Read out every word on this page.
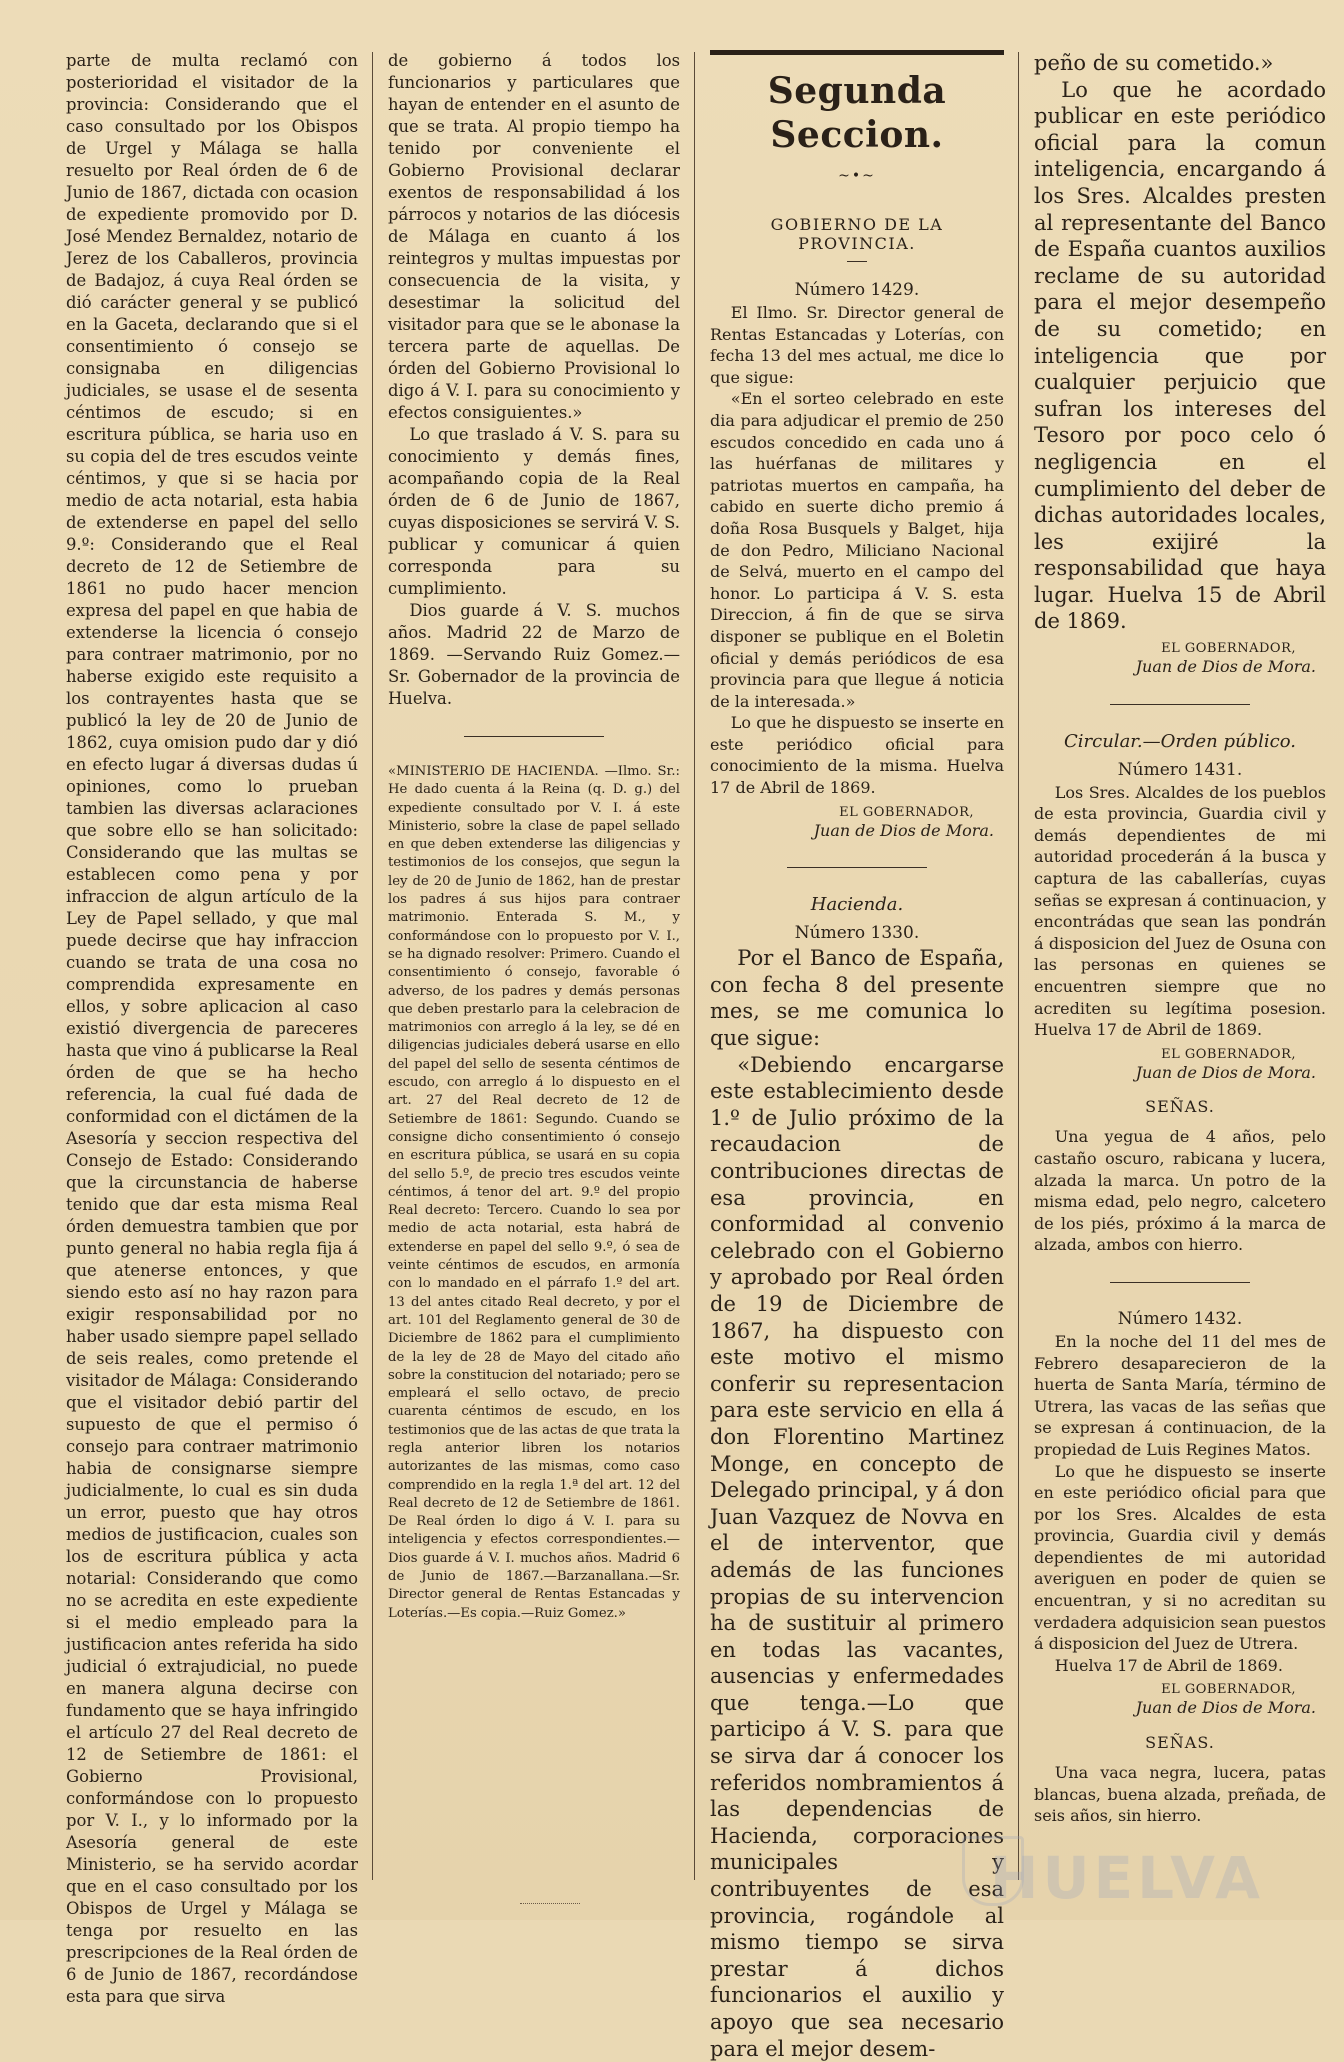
parte de multa reclamó con posterioridad el visitador de la provincia: Considerando que el caso consultado por los Obispos de Urgel y Málaga se halla resuelto por Real órden de 6 de Junio de 1867, dictada con ocasion de expediente promovido por D. José Mendez Bernaldez, notario de Jerez de los Caballeros, provincia de Badajoz, á cuya Real órden se dió carácter general y se publicó en la Gaceta, declarando que si el consentimiento ó consejo se consignaba en diligencias judiciales, se usase el de sesenta céntimos de escudo; si en escritura pública, se haria uso en su copia del de tres escudos veinte céntimos, y que si se hacia por medio de acta notarial, esta habia de extenderse en papel del sello 9.º: Considerando que el Real decreto de 12 de Setiembre de 1861 no pudo hacer mencion expresa del papel en que habia de extenderse la licencia ó consejo para contraer matrimonio, por no haberse exigido este requisito a los contrayentes hasta que se publicó la ley de 20 de Junio de 1862, cuya omision pudo dar y dió en efecto lugar á diversas dudas ú opiniones, como lo prueban tambien las diversas aclaraciones que sobre ello se han solicitado: Considerando que las multas se establecen como pena y por infraccion de algun artículo de la Ley de Papel sellado, y que mal puede decirse que hay infraccion cuando se trata de una cosa no comprendida expresamente en ellos, y sobre aplicacion al caso existió divergencia de pareceres hasta que vino á publicarse la Real órden de que se ha hecho referencia, la cual fué dada de conformidad con el dictámen de la Asesoría y seccion respectiva del Consejo de Estado: Considerando que la circunstancia de haberse tenido que dar esta misma Real órden demuestra tambien que por punto general no habia regla fija á que atenerse entonces, y que siendo esto así no hay razon para exigir responsabilidad por no haber usado siempre papel sellado de seis reales, como pretende el visitador de Málaga: Considerando que el visitador debió partir del supuesto de que el permiso ó consejo para contraer matrimonio habia de consignarse siempre judicialmente, lo cual es sin duda un error, puesto que hay otros medios de justificacion, cuales son los de escritura pública y acta notarial: Considerando que como no se acredita en este expediente si el medio empleado para la justificacion antes referida ha sido judicial ó extrajudicial, no puede en manera alguna decirse con fundamento que se haya infringido el artículo 27 del Real decreto de 12 de Setiembre de 1861: el Gobierno Provisional, conformándose con lo propuesto por V. I., y lo informado por la Asesoría general de este Ministerio, se ha servido acordar que en el caso consultado por los Obispos de Urgel y Málaga se tenga por resuelto en las prescripciones de la Real órden de 6 de Junio de 1867, recordándose esta para que sirva

de gobierno á todos los funcionarios y particulares que hayan de entender en el asunto de que se trata. Al propio tiempo ha tenido por conveniente el Gobierno Provisional declarar exentos de responsabilidad á los párrocos y notarios de las diócesis de Málaga en cuanto á los reintegros y multas impuestas por consecuencia de la visita, y desestimar la solicitud del visitador para que se le abonase la tercera parte de aquellas. De órden del Gobierno Provisional lo digo á V. I. para su conocimiento y efectos consiguientes.»

Lo que traslado á V. S. para su conocimiento y demás fines, acompañando copia de la Real órden de 6 de Junio de 1867, cuyas disposiciones se servirá V. S. publicar y comunicar á quien corresponda para su cumplimiento.

Dios guarde á V. S. muchos años. Madrid 22 de Marzo de 1869. —Servando Ruiz Gomez.—Sr. Gobernador de la provincia de Huelva.

«MINISTERIO DE HACIENDA. —Ilmo. Sr.: He dado cuenta á la Reina (q. D. g.) del expediente consultado por V. I. á este Ministerio, sobre la clase de papel sellado en que deben extenderse las diligencias y testimonios de los consejos, que segun la ley de 20 de Junio de 1862, han de prestar los padres á sus hijos para contraer matrimonio. Enterada S. M., y conformándose con lo propuesto por V. I., se ha dignado resolver: Primero. Cuando el consentimiento ó consejo, favorable ó adverso, de los padres y demás personas que deben prestarlo para la celebracion de matrimonios con arreglo á la ley, se dé en diligencias judiciales deberá usarse en ello del papel del sello de sesenta céntimos de escudo, con arreglo á lo dispuesto en el art. 27 del Real decreto de 12 de Setiembre de 1861: Segundo. Cuando se consigne dicho consentimiento ó consejo en escritura pública, se usará en su copia del sello 5.º, de precio tres escudos veinte céntimos, á tenor del art. 9.º del propio Real decreto: Tercero. Cuando lo sea por medio de acta notarial, esta habrá de extenderse en papel del sello 9.º, ó sea de veinte céntimos de escudos, en armonía con lo mandado en el párrafo 1.º del art. 13 del antes citado Real decreto, y por el art. 101 del Reglamento general de 30 de Diciembre de 1862 para el cumplimiento de la ley de 28 de Mayo del citado año sobre la constitucion del notariado; pero se empleará el sello octavo, de precio cuarenta céntimos de escudo, en los testimonios que de las actas de que trata la regla anterior libren los notarios autorizantes de las mismas, como caso comprendido en la regla 1.ª del art. 12 del Real decreto de 12 de Setiembre de 1861. De Real órden lo digo á V. I. para su inteligencia y efectos correspondientes.—Dios guarde á V. I. muchos años. Madrid 6 de Junio de 1867.—Barzanallana.—Sr. Director general de Rentas Estancadas y Loterías.—Es copia.—Ruiz Gomez.»

Segunda Seccion.
~•~
GOBIERNO DE LA PROVINCIA.
Número 1429.

El Ilmo. Sr. Director general de Rentas Estancadas y Loterías, con fecha 13 del mes actual, me dice lo que sigue:

«En el sorteo celebrado en este dia para adjudicar el premio de 250 escudos concedido en cada uno á las huérfanas de militares y patriotas muertos en campaña, ha cabido en suerte dicho premio á doña Rosa Busquels y Balget, hija de don Pedro, Miliciano Nacional de Selvá, muerto en el campo del honor. Lo participa á V. S. esta Direccion, á fin de que se sirva disponer se publique en el Boletin oficial y demás periódicos de esa provincia para que llegue á noticia de la interesada.»

Lo que he dispuesto se inserte en este periódico oficial para conocimiento de la misma. Huelva 17 de Abril de 1869.

EL GOBERNADOR,
Juan de Dios de Mora.
Hacienda.
Número 1330.

Por el Banco de España, con fecha 8 del presente mes, se me comunica lo que sigue:

«Debiendo encargarse este establecimiento desde 1.º de Julio próximo de la recaudacion de contribuciones directas de esa provincia, en conformidad al convenio celebrado con el Gobierno y aprobado por Real órden de 19 de Diciembre de 1867, ha dispuesto con este motivo el mismo conferir su representacion para este servicio en ella á don Florentino Martinez Monge, en concepto de Delegado principal, y á don Juan Vazquez de Novva en el de interventor, que además de las funciones propias de su intervencion ha de sustituir al primero en todas las vacantes, ausencias y enfermedades que tenga.—Lo que participo á V. S. para que se sirva dar á conocer los referidos nombramientos á las dependencias de Hacienda, corporaciones municipales y contribuyentes de esa provincia, rogándole al mismo tiempo se sirva prestar á dichos funcionarios el auxilio y apoyo que sea necesario para el mejor desem-

peño de su cometido.»

Lo que he acordado publicar en este periódico oficial para la comun inteligencia, encargando á los Sres. Alcaldes presten al representante del Banco de España cuantos auxilios reclame de su autoridad para el mejor desempeño de su cometido; en inteligencia que por cualquier perjuicio que sufran los intereses del Tesoro por poco celo ó negligencia en el cumplimiento del deber de dichas autoridades locales, les exijiré la responsabilidad que haya lugar. Huelva 15 de Abril de 1869.

EL GOBERNADOR,
Juan de Dios de Mora.
Circular.—Orden público.
Número 1431.

Los Sres. Alcaldes de los pueblos de esta provincia, Guardia civil y demás dependientes de mi autoridad procederán á la busca y captura de las caballerías, cuyas señas se expresan á continuacion, y encontrádas que sean las pondrán á disposicion del Juez de Osuna con las personas en quienes se encuentren siempre que no acrediten su legítima posesion. Huelva 17 de Abril de 1869.

EL GOBERNADOR,
Juan de Dios de Mora.
SEÑAS.

Una yegua de 4 años, pelo castaño oscuro, rabicana y lucera, alzada la marca. Un potro de la misma edad, pelo negro, calcetero de los piés, próximo á la marca de alzada, ambos con hierro.

Número 1432.

En la noche del 11 del mes de Febrero desaparecieron de la huerta de Santa María, término de Utrera, las vacas de las señas que se expresan á continuacion, de la propiedad de Luis Regines Matos.

Lo que he dispuesto se inserte en este periódico oficial para que por los Sres. Alcaldes de esta provincia, Guardia civil y demás dependientes de mi autoridad averiguen en poder de quien se encuentran, y si no acreditan su verdadera adquisicion sean puestos á disposicion del Juez de Utrera.

Huelva 17 de Abril de 1869.

EL GOBERNADOR,
Juan de Dios de Mora.
SEÑAS.

Una vaca negra, lucera, patas blancas, buena alzada, preñada, de seis años, sin hierro.

HUELVA
